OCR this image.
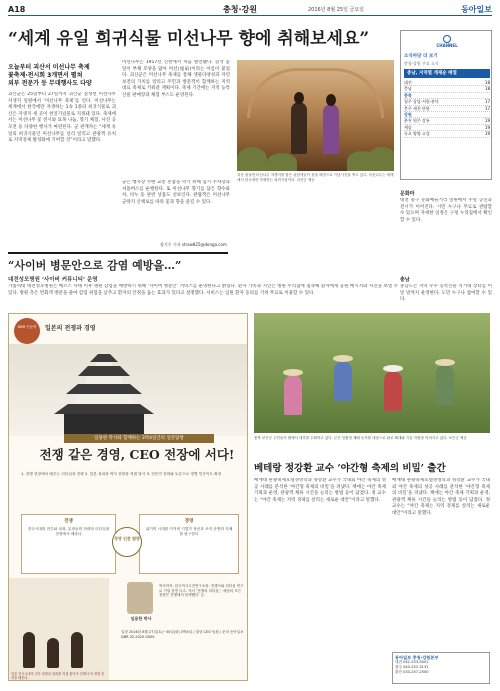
A18	충청·강원	2016년 8월 25일 금요일	동아일보
“세계 유일 희귀식물 미선나무 향에 취해보세요”
오늘부터 괴산서 미선나무 축제
꽃축제·전시회 3개면서 펼쳐
외부 전문가 등 무대행사도 다양
괴산군은 25일부터 27일까지 괴산군 칠성면 미선나무 자생지 일원에서 ‘미선나무 축제’를 연다. 미선나무는 세계에서 한국에만 자생하는 1속 1종의 희귀식물로 괴산은 자생지 세 곳이 천연기념물로 지정돼 있다. 축제에서는 미선나무 꽃 전시와 묘목 나눔, 향기 체험, 사진 공모전 등 다양한 행사가 마련된다. 군 관계자는 “세계 유일의 희귀식물인 미선나무를 널리 알리고 관광객 유치로 지역경제 활성화에 기여할 것”이라고 말했다.
미선나무는 1917년 진천에서 처음 발견됐다. 흰색 꽃잎이 부채 모양을 닮아 미선(尾扇)이라는 이름이 붙었다. 괴산군은 미선나무 축제를 통해 생물다양성과 자연 보전의 가치를 알리고 주민과 방문객이 함께하는 지역 대표 축제로 키워갈 계획이다. 축제 기간에는 지역 농특산물 판매장과 체험 부스도 운영된다.
군은 행사장 주변 교통 혼잡을 막기 위해 임시 주차장과 셔틀버스를 운행한다. 또 미선나무 향기를 담은 향수와 차, 비누 등 관련 상품도 선보인다. 관람객은 미선나무 군락지 산책로를 따라 꽃과 향을 즐길 수 있다.
장기우 기자 straw825@donga.com
괴산 칠성면 미선나무 자생지를 찾은 관람객들이 꽃을 배경으로 기념사진을 찍고 있다. 미선나무는 세계에서 한국에만 자생하는 희귀식물이다. 괴산군 제공
CHANNEL
소식마당 더 보기
충청·강원 주요 소식
충남, 지역별 게재순 배열
대전	18
충남	18
충북
청주 상당·서원·흥덕	17
충주 제천 단양	17
강원
춘천 원주 강릉	19
세종	19
속초 양양 고성	19
문화마
대전 중구 문화예술거리 일원에서 주말 공연과 전시가 이어진다. 시민 누구나 무료로 관람할 수 있으며 자세한 일정은 구청 누리집에서 확인할 수 있다.
충남
충남도는 지역 우수 농특산물 직거래 장터를 이달 말까지 운영한다. 도민 누구나 참여할 수 있다.
“사이버 병문안으로 감염 예방을…”
대전성모병원 ‘사이버 커뮤니티’ 운영
가톨릭대 대전성모병원은 메르스 사태 이후 병원 감염을 예방하기 위해 ‘사이버 병문안’ 서비스를 운영한다고 밝혔다. 환자 가족과 지인은 병원 누리집에 접속해 환자에게 응원 메시지와 사진을 보낼 수 있다. 병원 측은 면회객 방문을 줄여 감염 위험을 낮추고 환자의 안정을 돕는 효과가 있다고 설명했다. 서비스는 입원 환자 동의를 거쳐 무료로 이용할 수 있다.
DBR 인문학	일본의 전쟁과 경영
임용한 박사와 함께하는 3박4일간의 일본탐방
전쟁 같은 경영, CEO 전장에 서다!
1. 전쟁 현장에서 배우는 리더십과 전략 2. 일본 성곽과 역사 현장을 직접 답사 3. 전문가 강의와 토론으로 경영 인사이트 확장
전쟁
전국시대의 전투와 성곽, 무장들의 전략과 리더십을 현장에서 배운다
경영
위기의 시대를 이겨낸 기업가 정신과 조직 운영의 지혜를 탐구한다
경영 인문 탐방
일본 전국시대의 전투 현장과 성곽을 직접 찾아가 전쟁사 속 경영 전략을 배운다.
역사학자. 한국역사고전연구소장. 전쟁사와 리더십 연구로 기업 강연 다수. 저서 ‘전쟁과 리더십’, ‘세상의 모든 전략은 전쟁에서 탄생했다’ 등.
임용한 박사
일정 2016년 8월 27일(토)~30일(화) 3박4일 / 대상 CEO·임원 / 문의 동아일보 DBR 02-2020-0000
충북 보은군 주민들이 밭에서 대추를 수확하고 있다. 군은 친환경 재배 농가를 대상으로 판로 확대와 기술 지원을 이어가고 있다. 보은군 제공
베테랑 정강환 교수 ‘야간형 축제의 비밀’ 출간
배재대 관광축제호텔경영학과 정강환 교수가 국내외 야간 축제의 성공 사례를 분석한 ‘야간형 축제의 비밀’을 펴냈다. 책에는 야간 축제 기획과 운영, 관광객 체류 시간을 늘리는 방법 등이 담겼다. 정 교수는 “야간 축제는 지역 경제를 살리는 새로운 대안”이라고 말했다.
배재대 관광축제호텔경영학과 정강환 교수가 국내외 야간 축제의 성공 사례를 분석한 ‘야간형 축제의 비밀’을 펴냈다. 책에는 야간 축제 기획과 운영, 관광객 체류 시간을 늘리는 방법 등이 담겼다. 정 교수는 “야간 축제는 지역 경제를 살리는 새로운 대안”이라고 말했다.
동아일보 충청·강원본부
대전 042-253-3001
청주 043-252-3131
춘천 033-257-2500
